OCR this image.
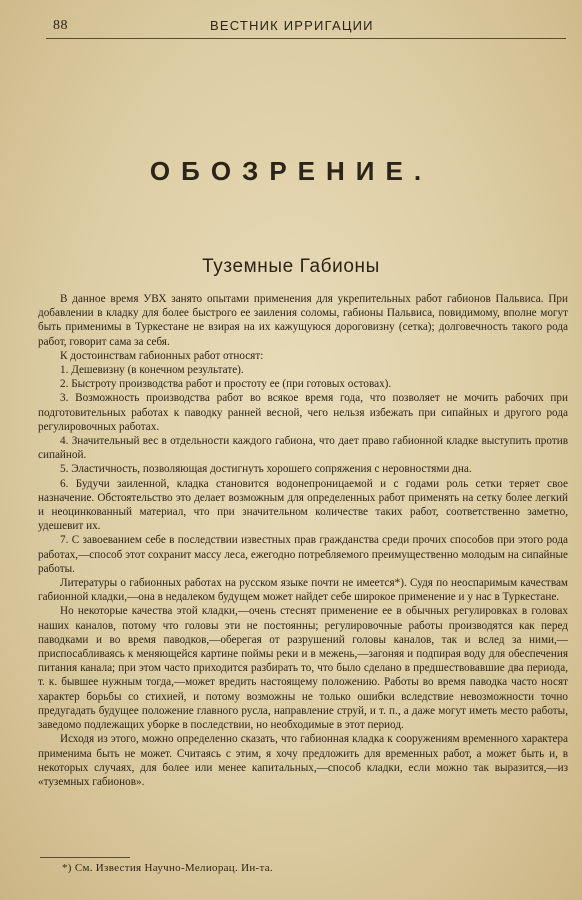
88	ВЕСТНИК ИРРИГАЦИИ
ОБОЗРЕНИЕ.
Туземные Габионы

В данное время УВХ занято опытами применения для укрепительных работ габионов Пальвиса. При добавлении в кладку для более быстрого ее заиления соломы, габионы Пальвиса, повидимому, вполне могут быть применимы в Туркестане не взирая на их кажущуюся дороговизну (сетка); долговечность такого рода работ, говорит сама за себя.

К достоинствам габионных работ относят:

1. Дешевизну (в конечном результате).

2. Быстроту производства работ и простоту ее (при готовых остовах).

3. Возможность производства работ во всякое время года, что позволяет не мочить рабочих при подготовительных работах к паводку ранней весной, чего нельзя избежать при сипайных и другого рода регулировочных работах.

4. Значительный вес в отдельности каждого габиона, что дает право габионной кладке выступить против сипайной.

5. Эластичность, позволяющая достигнуть хорошего сопряжения с неровностями дна.

6. Будучи заиленной, кладка становится водонепроницаемой и с годами роль сетки теряет свое назначение. Обстоятельство это делает возможным для определенных работ применять на сетку более легкий и неоцинкованный материал, что при значительном количестве таких работ, соответственно заметно, удешевит их.

7. С завоеванием себе в последствии известных прав гражданства среди прочих способов при этого рода работах,—способ этот сохранит массу леса, ежегодно потребляемого преимущественно молодым на сипайные работы.

Литературы о габионных работах на русском языке почти не имеется*). Судя по неоспаримым качествам габионной кладки,—она в недалеком будущем может найдет себе широкое применение и у нас в Туркестане.

Но некоторые качества этой кладки,—очень стеснят применение ее в обычных регулировках в головах наших каналов, потому что головы эти не постоянны; регулировочные работы производятся как перед паводками и во время паводков,—оберегая от разрушений головы каналов, так и вслед за ними,—приспосабливаясь к меняющейся картине поймы реки и в межень,—загоняя и подпирая воду для обеспечения питания канала; при этом часто приходится разбирать то, что было сделано в предшествовавшие два периода, т. к. бывшее нужным тогда,—может вредить настоящему положению. Работы во время паводка часто носят характер борьбы со стихией, и потому возможны не только ошибки вследствие невозможности точно предугадать будущее положение главного русла, направление струй, и т. п., а даже могут иметь место работы, заведомо подлежащих уборке в последствии, но необходимые в этот период.

Исходя из этого, можно определенно сказать, что габионная кладка к сооружениям временного характера применима быть не может. Считаясь с этим, я хочу предложить для временных работ, а может быть и, в некоторых случаях, для более или менее капитальных,—способ кладки, если можно так выразится,—из «туземных габионов».

*) См. Известия Научно-Мелиорац. Ин-та.
